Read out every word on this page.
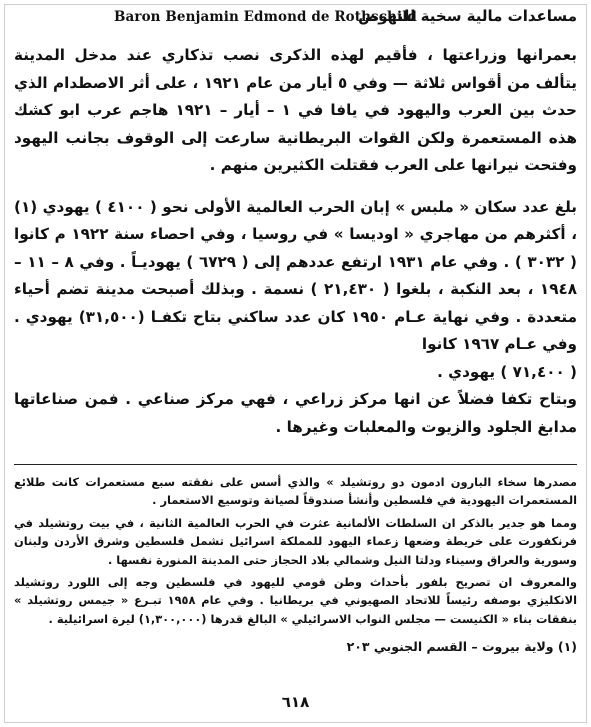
Baron Benjamin Edmond de Rothschild
مساعدات مالية سخية للنهوض

بعمرانها وزراعتها ، فأقيم لهذه الذكرى نصب تذكاري عند مدخل المدينة يتألف من أقواس ثلاثة — وفي ٥ أيار من عام ١٩٢١ ، على أثر الاصطدام الذي حدث بين العرب واليهود في يافا في ١ – أيار – ١٩٢١ هاجم عرب ابو كشك هذه المستعمرة ولكن القوات البريطانية سارعت إلى الوقوف بجانب اليهود وفتحت نيرانها على العرب فقتلت الكثيرين منهم .

بلغ عدد سكان « ملبس » إبان الحرب العالمية الأولى نحو ( ٤١٠٠ ) يهودي (١) ، أكثرهم من مهاجري « اوديسا » في روسيا ، وفي احصاء سنة ١٩٢٢ م كانوا ( ٣٠٣٢ ) . وفي عام ١٩٣١ ارتفع عددهم إلى ( ٦٧٢٩ ) يهوديـاً . وفي ٨ – ١١ – ١٩٤٨ ، بعد النكبة ، بلغوا ( ٢١,٤٣٠ ) نسمة . وبذلك أصبحت مدينة تضم أحياء متعددة . وفي نهاية عـام ١٩٥٠ كان عدد ساكني بتاح تكفـا (٣١,٥٠٠) يهودي . وفي عـام ١٩٦٧ كانوا

( ٧١,٤٠٠ ) يهودي .

وبتاح تكفا فضلاً عن انها مركز زراعي ، فهي مركز صناعي . فمن صناعاتها مدابغ الجلود والزيوت والمعلبات وغيرها .

مصدرها سخاء البارون ادمون دو روتشيلد » والذي أسس على نفقته سبع مستعمرات كانت طلائع المستعمرات اليهودية في فلسطين وأنشأ صندوقاً لصيانة وتوسيع الاستعمار .

ومما هو جدير بالذكر ان السلطات الألمانية عثرت في الحرب العالمية الثانية ، في بيت روتشيلد في فرنكفورت على خريطة وضعها زعماء اليهود للمملكة اسرائيل تشمل فلسطين وشرق الأردن ولبنان وسورية والعراق وسيناء ودلتا النيل وشمالي بلاد الحجاز حتى المدينة المنورة نفسها .

والمعروف ان تصريح بلفور بأحداث وطن قومي لليهود في فلسطين وجه إلى اللورد روتشيلد الانكليزي بوصفه رئيساً للاتحاد الصهيوني في بريطانيا . وفي عام ١٩٥٨ تبـرع « جيمس روتشيلد » بنفقات بناء « الكنيست — مجلس النواب الاسرائيلي » البالغ قدرها (١,٣٠٠,٠٠٠) ليرة اسرائيلية .

(١) ولاية بيروت – القسم الجنوبي ٢٠٣

٦١٨
